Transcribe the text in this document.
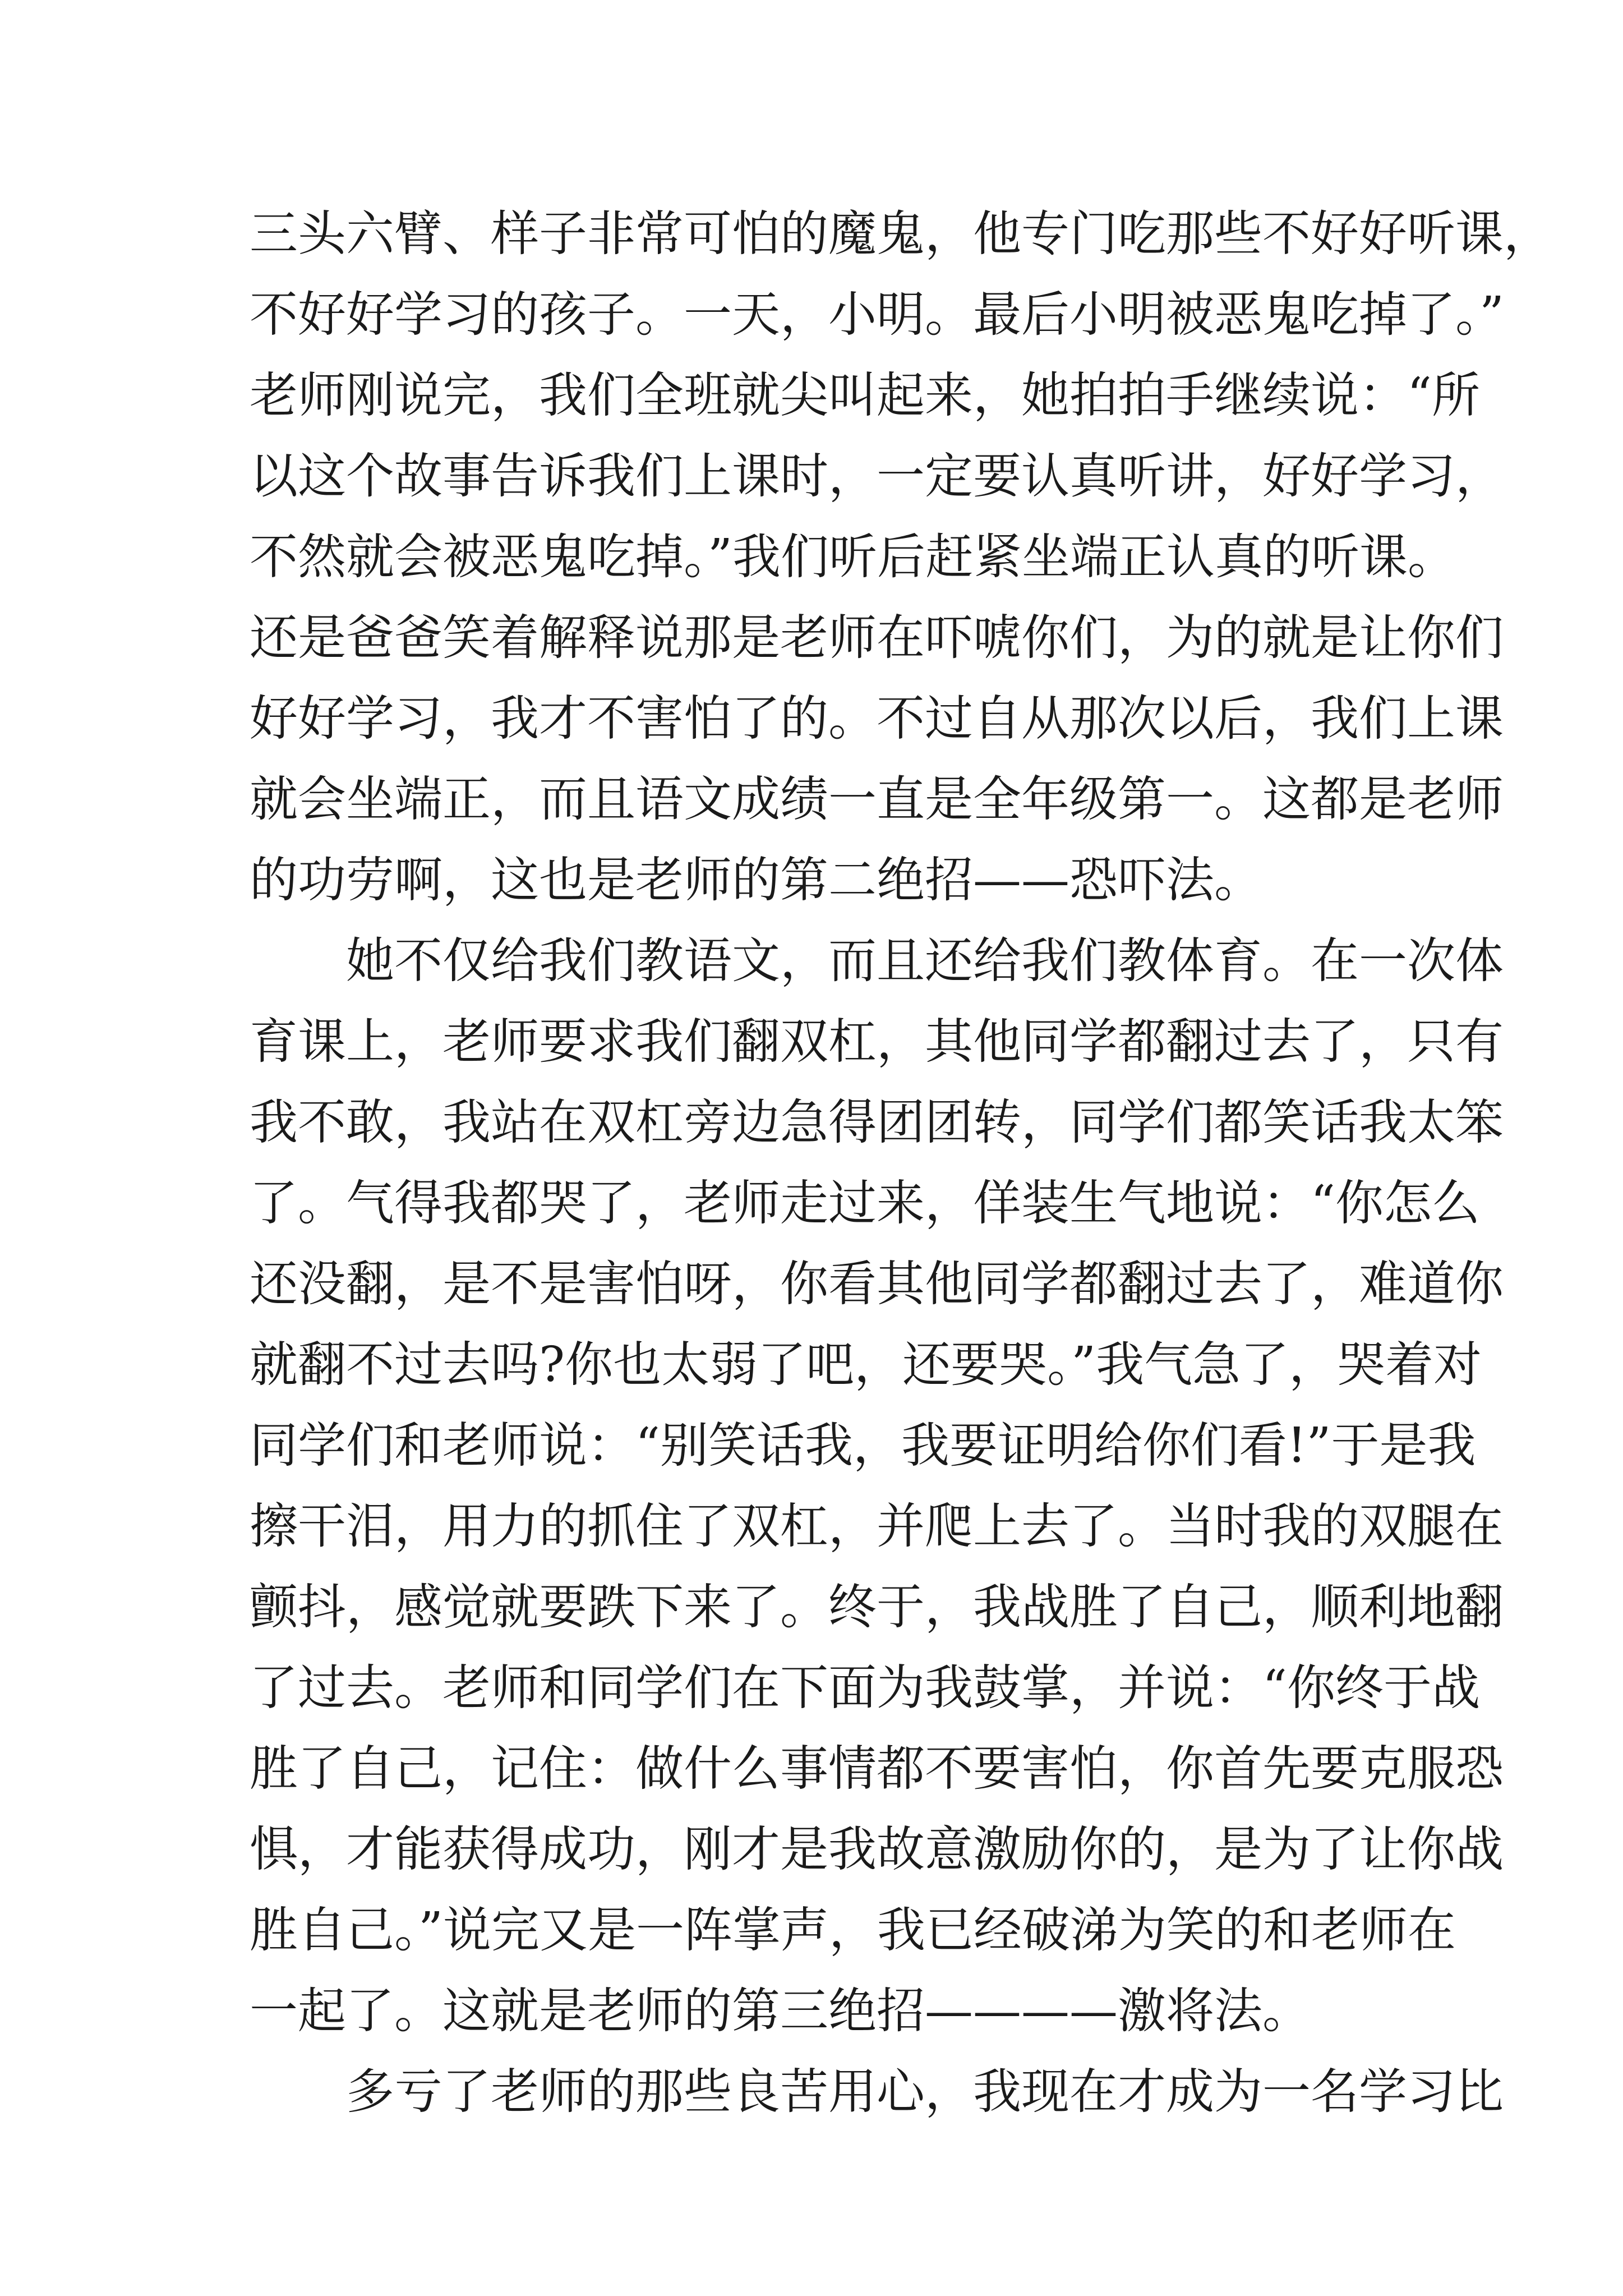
三头六臂、样子非常可怕的魔鬼，他专门吃那些不好好听课，
不好好学习的孩子。一天，小明。最后小明被恶鬼吃掉了。”
老师刚说完，我们全班就尖叫起来，她拍拍手继续说：“所
以这个故事告诉我们上课时，一定要认真听讲，好好学习，
不然就会被恶鬼吃掉。”我们听后赶紧坐端正认真的听课。
还是爸爸笑着解释说那是老师在吓唬你们，为的就是让你们
好好学习，我才不害怕了的。不过自从那次以后，我们上课
就会坐端正，而且语文成绩一直是全年级第一。这都是老师
的功劳啊，这也是老师的第二绝招——恐吓法。
她不仅给我们教语文，而且还给我们教体育。在一次体
育课上，老师要求我们翻双杠，其他同学都翻过去了，只有
我不敢，我站在双杠旁边急得团团转，同学们都笑话我太笨
了。气得我都哭了，老师走过来，佯装生气地说：“你怎么
还没翻，是不是害怕呀，你看其他同学都翻过去了，难道你
就翻不过去吗?你也太弱了吧，还要哭。”我气急了，哭着对
同学们和老师说：“别笑话我，我要证明给你们看!”于是我
擦干泪，用力的抓住了双杠，并爬上去了。当时我的双腿在
颤抖，感觉就要跌下来了。终于，我战胜了自己，顺利地翻
了过去。老师和同学们在下面为我鼓掌，并说：“你终于战
胜了自己，记住：做什么事情都不要害怕，你首先要克服恐
惧，才能获得成功，刚才是我故意激励你的，是为了让你战
胜自己。”说完又是一阵掌声，我已经破涕为笑的和老师在
一起了。这就是老师的第三绝招————激将法。
多亏了老师的那些良苦用心，我现在才成为一名学习比
